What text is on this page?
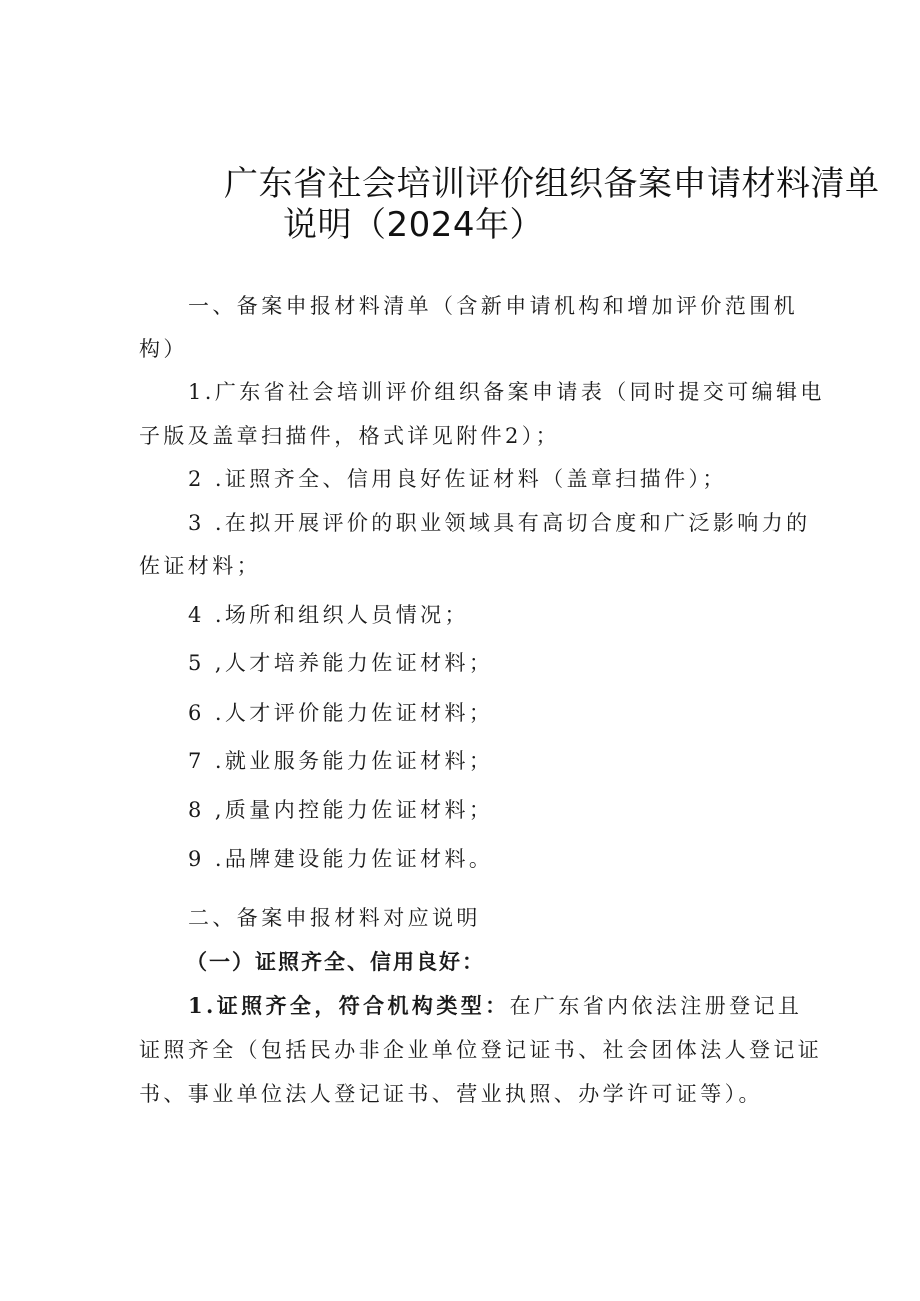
广东省社会培训评价组织备案申请材料清单
说明（2024年）
一、备案申报材料清单（含新申请机构和增加评价范围机
构）
1.广东省社会培训评价组织备案申请表（同时提交可编辑电
子版及盖章扫描件，格式详见附件2）；
2 .证照齐全、信用良好佐证材料（盖章扫描件）；
3 .在拟开展评价的职业领域具有高切合度和广泛影响力的
佐证材料；
4 .场所和组织人员情况；
5 ,人才培养能力佐证材料；
6 .人才评价能力佐证材料；
7 .就业服务能力佐证材料；
8 ,质量内控能力佐证材料；
9 .品牌建设能力佐证材料。
二、备案申报材料对应说明
（一）证照齐全、信用良好：
1.证照齐全，符合机构类型：在广东省内依法注册登记且
证照齐全（包括民办非企业单位登记证书、社会团体法人登记证
书、事业单位法人登记证书、营业执照、办学许可证等）。
